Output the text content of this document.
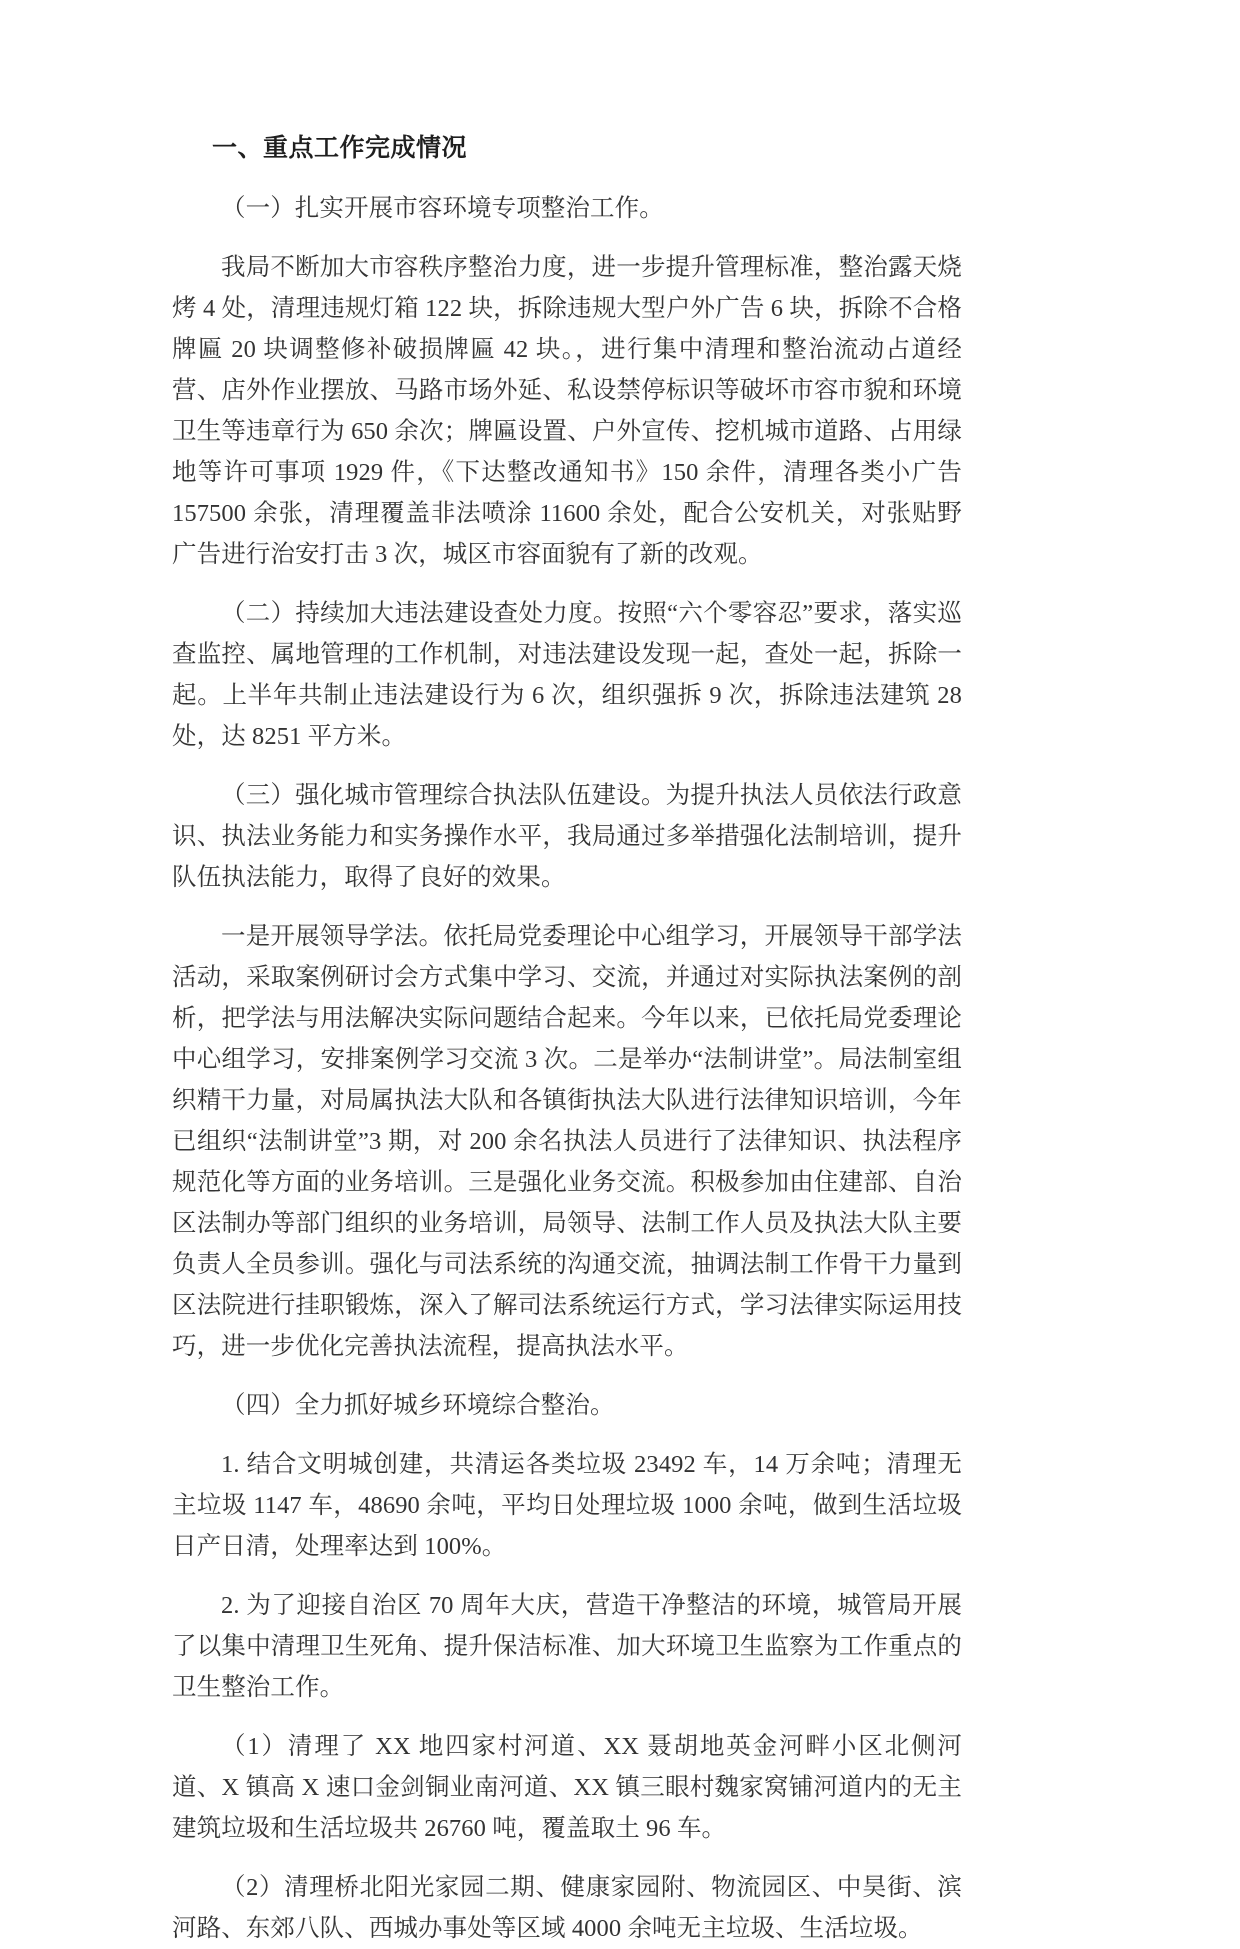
一、重点工作完成情况

（一）扎实开展市容环境专项整治工作。

我局不断加大市容秩序整治力度，进一步提升管理标准，整治露天烧烤 4 处，清理违规灯箱 122 块，拆除违规大型户外广告 6 块，拆除不合格牌匾 20 块调整修补破损牌匾 42 块。，进行集中清理和整治流动占道经营、店外作业摆放、马路市场外延、私设禁停标识等破坏市容市貌和环境卫生等违章行为 650 余次；牌匾设置、户外宣传、挖机城市道路、占用绿地等许可事项 1929 件，《下达整改通知书》150 余件，清理各类小广告 157500 余张，清理覆盖非法喷涂 11600 余处，配合公安机关，对张贴野广告进行治安打击 3 次，城区市容面貌有了新的改观。

（二）持续加大违法建设查处力度。按照“六个零容忍”要求，落实巡查监控、属地管理的工作机制，对违法建设发现一起，查处一起，拆除一起。上半年共制止违法建设行为 6 次，组织强拆 9 次，拆除违法建筑 28 处，达 8251 平方米。

（三）强化城市管理综合执法队伍建设。为提升执法人员依法行政意识、执法业务能力和实务操作水平，我局通过多举措强化法制培训，提升队伍执法能力，取得了良好的效果。

一是开展领导学法。依托局党委理论中心组学习，开展领导干部学法活动，采取案例研讨会方式集中学习、交流，并通过对实际执法案例的剖析，把学法与用法解决实际问题结合起来。今年以来，已依托局党委理论中心组学习，安排案例学习交流 3 次。二是举办“法制讲堂”。局法制室组织精干力量，对局属执法大队和各镇街执法大队进行法律知识培训，今年已组织“法制讲堂”3 期，对 200 余名执法人员进行了法律知识、执法程序规范化等方面的业务培训。三是强化业务交流。积极参加由住建部、自治区法制办等部门组织的业务培训，局领导、法制工作人员及执法大队主要负责人全员参训。强化与司法系统的沟通交流，抽调法制工作骨干力量到区法院进行挂职锻炼，深入了解司法系统运行方式，学习法律实际运用技巧，进一步优化完善执法流程，提高执法水平。

（四）全力抓好城乡环境综合整治。

1. 结合文明城创建，共清运各类垃圾 23492 车，14 万余吨；清理无主垃圾 1147 车，48690 余吨，平均日处理垃圾 1000 余吨，做到生活垃圾日产日清，处理率达到 100%。

2. 为了迎接自治区 70 周年大庆，营造干净整洁的环境，城管局开展了以集中清理卫生死角、提升保洁标准、加大环境卫生监察为工作重点的卫生整治工作。

（1）清理了 XX 地四家村河道、XX 聂胡地英金河畔小区北侧河道、X 镇高 X 速口金剑铜业南河道、XX 镇三眼村魏家窝铺河道内的无主建筑垃圾和生活垃圾共 26760 吨，覆盖取土 96 车。

（2）清理桥北阳光家园二期、健康家园附、物流园区、中昊街、滨河路、东郊八队、西城办事处等区域 4000 余吨无主垃圾、生活垃圾。
